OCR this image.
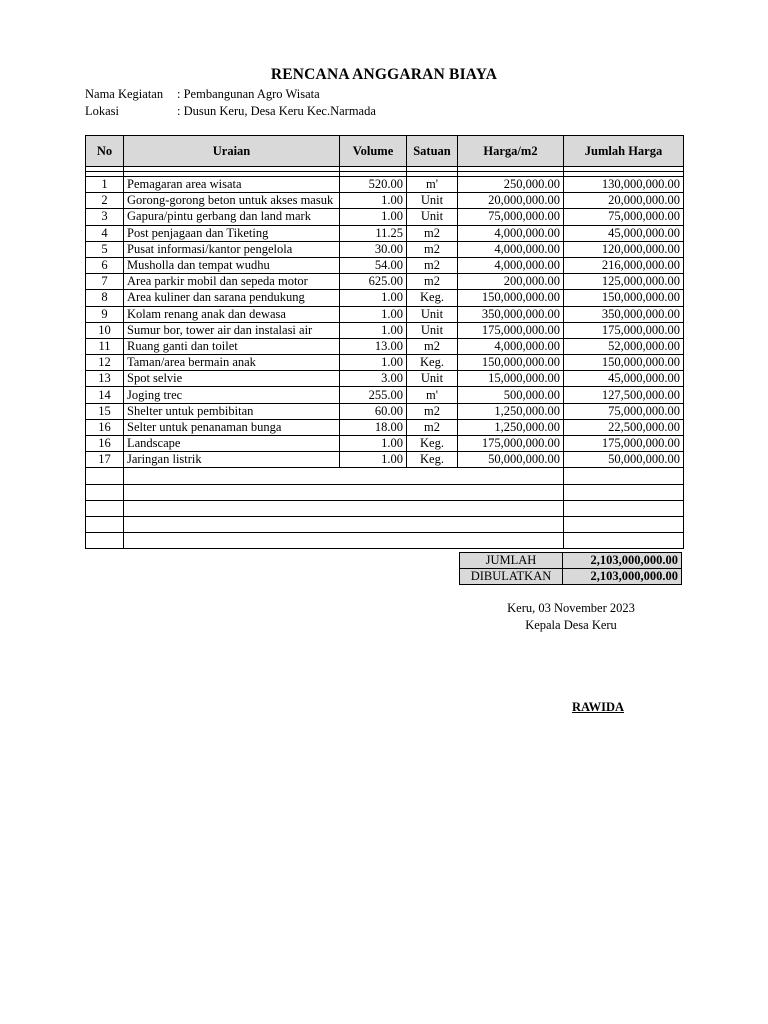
RENCANA ANGGARAN BIAYA
Nama Kegiatan : Pembangunan Agro Wisata
Lokasi	: Dusun Keru, Desa Keru Kec.Narmada
No	Uraian	Volume	Satuan	Harga/m2	Jumlah Harga

1	Pemagaran area wisata	520.00	m'	250,000.00	130,000,000.00
2	Gorong-gorong beton untuk akses masuk	1.00	Unit	20,000,000.00	20,000,000.00
3	Gapura/pintu gerbang dan land mark	1.00	Unit	75,000,000.00	75,000,000.00
4	Post penjagaan dan Tiketing	11.25	m2	4,000,000.00	45,000,000.00
5	Pusat informasi/kantor pengelola	30.00	m2	4,000,000.00	120,000,000.00
6	Musholla dan tempat wudhu	54.00	m2	4,000,000.00	216,000,000.00
7	Area parkir mobil dan sepeda motor	625.00	m2	200,000.00	125,000,000.00
8	Area kuliner dan sarana pendukung	1.00	Keg.	150,000,000.00	150,000,000.00
9	Kolam renang anak dan dewasa	1.00	Unit	350,000,000.00	350,000,000.00
10	Sumur bor, tower air dan instalasi air	1.00	Unit	175,000,000.00	175,000,000.00
11	Ruang ganti dan toilet	13.00	m2	4,000,000.00	52,000,000.00
12	Taman/area bermain anak	1.00	Keg.	150,000,000.00	150,000,000.00
13	Spot selvie	3.00	Unit	15,000,000.00	45,000,000.00
14	Joging trec	255.00	m'	500,000.00	127,500,000.00
15	Shelter untuk pembibitan	60.00	m2	1,250,000.00	75,000,000.00
16	Selter untuk penanaman bunga	18.00	m2	1,250,000.00	22,500,000.00
16	Landscape	1.00	Keg.	175,000,000.00	175,000,000.00
17	Jaringan listrik	1.00	Keg.	50,000,000.00	50,000,000.00

JUMLAH	2,103,000,000.00
DIBULATKAN	2,103,000,000.00
Keru, 03 November 2023
Kepala Desa Keru
RAWIDA
